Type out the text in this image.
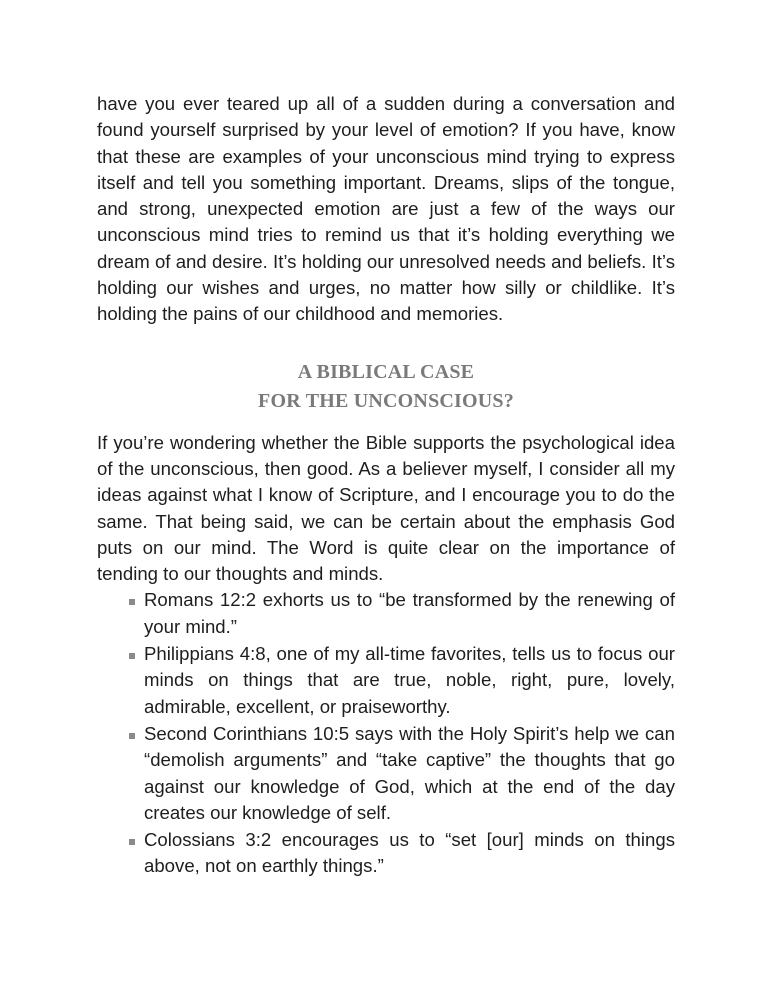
have you ever teared up all of a sudden during a conversation and found yourself surprised by your level of emotion? If you have, know that these are examples of your unconscious mind trying to express itself and tell you something important. Dreams, slips of the tongue, and strong, unexpected emotion are just a few of the ways our unconscious mind tries to remind us that it’s holding everything we dream of and desire. It’s holding our unresolved needs and beliefs. It’s holding our wishes and urges, no matter how silly or childlike. It’s holding the pains of our childhood and memories.

A BIBLICAL CASE
FOR THE UNCONSCIOUS?

If you’re wondering whether the Bible supports the psychological idea of the unconscious, then good. As a believer myself, I consider all my ideas against what I know of Scripture, and I encourage you to do the same. That being said, we can be certain about the emphasis God puts on our mind. The Word is quite clear on the importance of tending to our thoughts and minds.

Romans 12:2 exhorts us to “be transformed by the renewing of your mind.”
Philippians 4:8, one of my all-time favorites, tells us to focus our minds on things that are true, noble, right, pure, lovely, admirable, excellent, or praiseworthy.
Second Corinthians 10:5 says with the Holy Spirit’s help we can “demolish arguments” and “take captive” the thoughts that go against our knowledge of God, which at the end of the day creates our knowledge of self.
Colossians 3:2 encourages us to “set [our] minds on things above, not on earthly things.”
